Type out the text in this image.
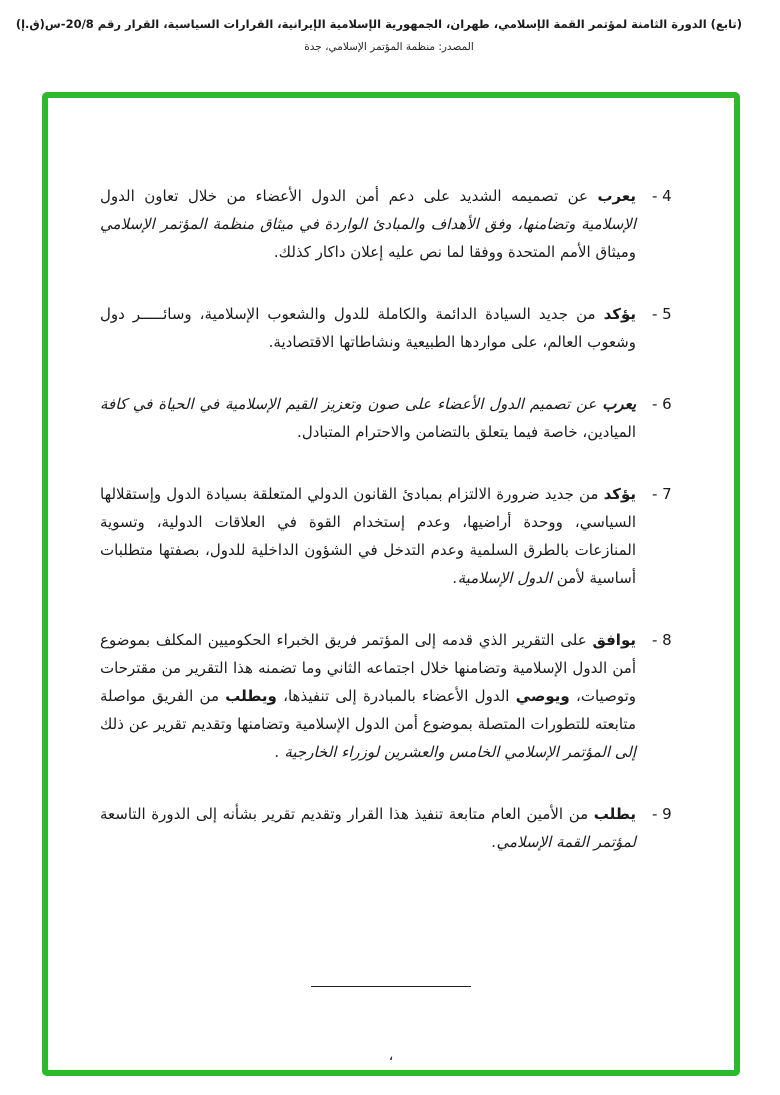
(تابع) الدورة الثامنة لمؤتمر القمة الإسلامي، طهران، الجمهورية الإسلامية الإيرانية، القرارات السياسية، القرار رقم 20/8-س(ق.إ)
المصدر: منظمة المؤتمر الإسلامي، جدة
- 4
يعرب عن تصميمه الشديد على دعم أمن الدول الأعضاء من خلال تعاون الدول الإسلامية وتضامنها، وفق الأهداف والمبادئ الواردة في ميثاق منظمة المؤتمر الإسلامي وميثاق الأمم المتحدة ووفقا لما نص عليه إعلان داكار كذلك.
- 5
يؤكد من جديد السيادة الدائمة والكاملة للدول والشعوب الإسلامية، وسائـــــر دول وشعوب العالم، على مواردها الطبيعية ونشاطاتها الاقتصادية.
- 6
يعرب عن تصميم الدول الأعضاء على صون وتعزيز القيم الإسلامية في الحياة في كافة الميادين، خاصة فيما يتعلق بالتضامن والاحترام المتبادل.
- 7
يؤكد من جديد ضرورة الالتزام بمبادئ القانون الدولي المتعلقة بسيادة الدول وإستقلالها السياسي، ووحدة أراضيها، وعدم إستخدام القوة في العلاقات الدولية، وتسوية المنازعات بالطرق السلمية وعدم التدخل في الشؤون الداخلية للدول، بصفتها متطلبات أساسية لأمن الدول الإسلامية.
- 8
يوافق على التقرير الذي قدمه إلى المؤتمر فريق الخبراء الحكوميين المكلف بموضوع أمن الدول الإسلامية وتضامنها خلال اجتماعه الثاني وما تضمنه هذا التقرير من مقترحات وتوصيات، ويوصي الدول الأعضاء بالمبادرة إلى تنفيذها، ويطلب من الفريق مواصلة متابعته للتطورات المتصلة بموضوع أمن الدول الإسلامية وتضامنها وتقديم تقرير عن ذلك إلى المؤتمر الإسلامي الخامس والعشرين لوزراء الخارجية .
- 9
يطلب من الأمين العام متابعة تنفيذ هذا القرار وتقديم تقرير بشأنه إلى الدورة التاسعة لمؤتمر القمة الإسلامي.
،
